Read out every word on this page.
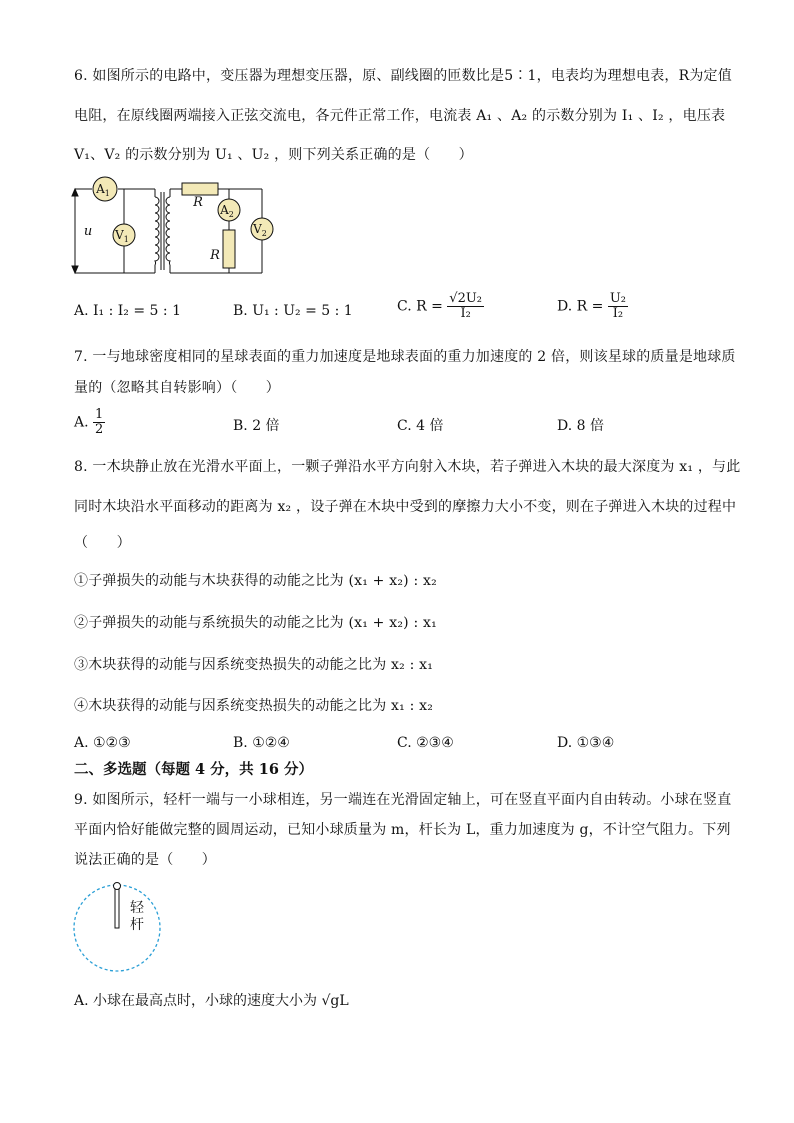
6. 如图所示的电路中，变压器为理想变压器，原、副线圈的匝数比是5∶1，电表均为理想电表，R为定值
电阻，在原线圈两端接入正弦交流电，各元件正常工作，电流表 A₁ 、A₂ 的示数分别为 I₁ 、I₂ ，电压表
V₁、V₂ 的示数分别为 U₁ 、U₂ ，则下列关系正确的是（　　）
$A_1$
$V_1$
$A_2$
$V_2$
u
R
R
A. I₁ : I₂ = 5 : 1	B. U₁ : U₂ = 5 : 1	C. $R = \frac{\text{√2U₂}}{\text{I₂}}$	D. $R = \frac{\text{U₂}}{\text{I₂}}$
7. 一与地球密度相同的星球表面的重力加速度是地球表面的重力加速度的 2 倍，则该星球的质量是地球质
量的（忽略其自转影响）（　　）
A. $\frac{1}{2}$	B. 2 倍	C. 4 倍	D. 8 倍
8. 一木块静止放在光滑水平面上，一颗子弹沿水平方向射入木块，若子弹进入木块的最大深度为 x₁ ，与此
同时木块沿水平面移动的距离为 x₂ ，设子弹在木块中受到的摩擦力大小不变，则在子弹进入木块的过程中
（　　）
①子弹损失的动能与木块获得的动能之比为 (x₁ + x₂) : x₂
②子弹损失的动能与系统损失的动能之比为 (x₁ + x₂) : x₁
③木块获得的动能与因系统变热损失的动能之比为 x₂ : x₁
④木块获得的动能与因系统变热损失的动能之比为 x₁ : x₂
A. ①②③	B. ①②④	C. ②③④	D. ①③④
二、多选题（每题 4 分，共 16 分）
9. 如图所示，轻杆一端与一小球相连，另一端连在光滑固定轴上，可在竖直平面内自由转动。小球在竖直
平面内恰好能做完整的圆周运动，已知小球质量为 m，杆长为 L，重力加速度为 g，不计空气阻力。下列
说法正确的是（　　）
轻
杆
A. 小球在最高点时，小球的速度大小为 √gL
